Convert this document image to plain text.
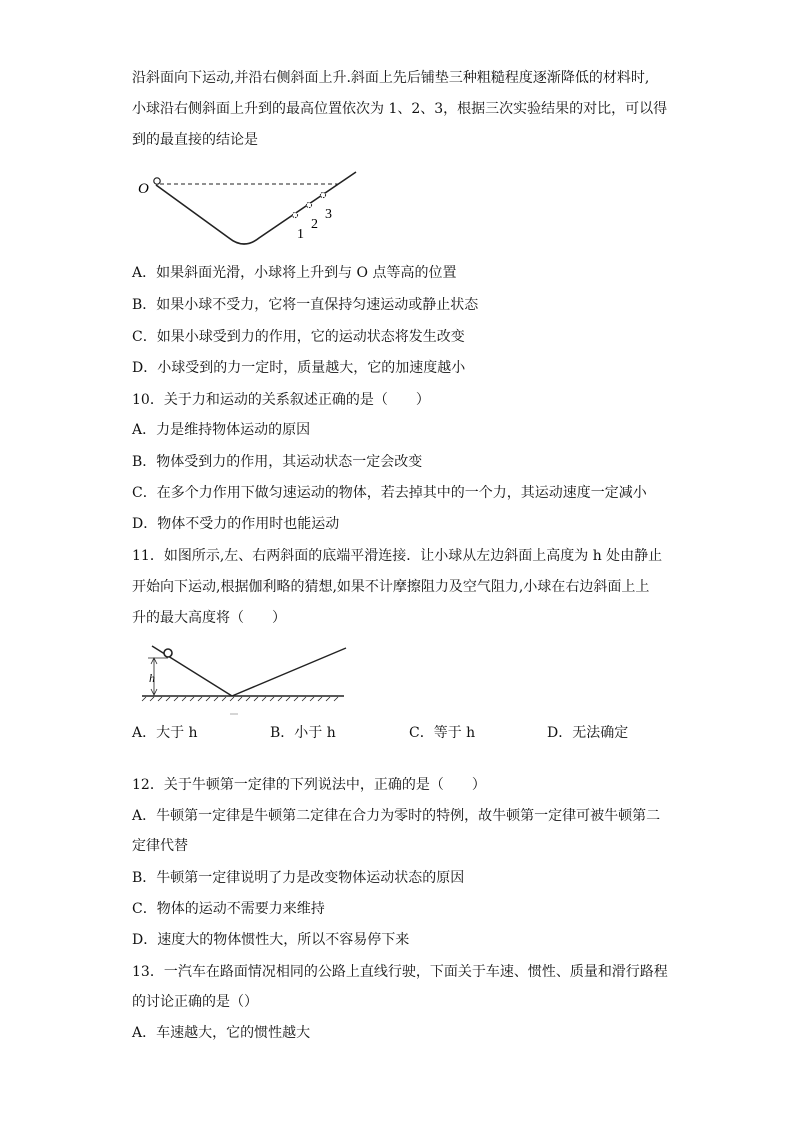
沿斜面向下运动,并沿右侧斜面上升.斜面上先后铺垫三种粗糙程度逐渐降低的材料时,
小球沿右侧斜面上升到的最高位置依次为 1、2、3，根据三次实验结果的对比，可以得
到的最直接的结论是
O
1
2
3
A．如果斜面光滑，小球将上升到与 O 点等高的位置
B．如果小球不受力，它将一直保持匀速运动或静止状态
C．如果小球受到力的作用，它的运动状态将发生改变
D．小球受到的力一定时，质量越大，它的加速度越小
10．关于力和运动的关系叙述正确的是（　　）
A．力是维持物体运动的原因
B．物体受到力的作用，其运动状态一定会改变
C．在多个力作用下做匀速运动的物体，若去掉其中的一个力，其运动速度一定减小
D．物体不受力的作用时也能运动
11．如图所示,左、右两斜面的底端平滑连接．让小球从左边斜面上高度为 h 处由静止
开始向下运动,根据伽利略的猜想,如果不计摩擦阻力及空气阻力,小球在右边斜面上上
升的最大高度将（　　）
h
A．大于 h	B．小于 h	C．等于 h	D．无法确定
12．关于牛顿第一定律的下列说法中，正确的是（　　）
A．牛顿第一定律是牛顿第二定律在合力为零时的特例，故牛顿第一定律可被牛顿第二
定律代替
B．牛顿第一定律说明了力是改变物体运动状态的原因
C．物体的运动不需要力来维持
D．速度大的物体惯性大，所以不容易停下来
13．一汽车在路面情况相同的公路上直线行驶，下面关于车速、惯性、质量和滑行路程
的讨论正确的是（）
A．车速越大，它的惯性越大
